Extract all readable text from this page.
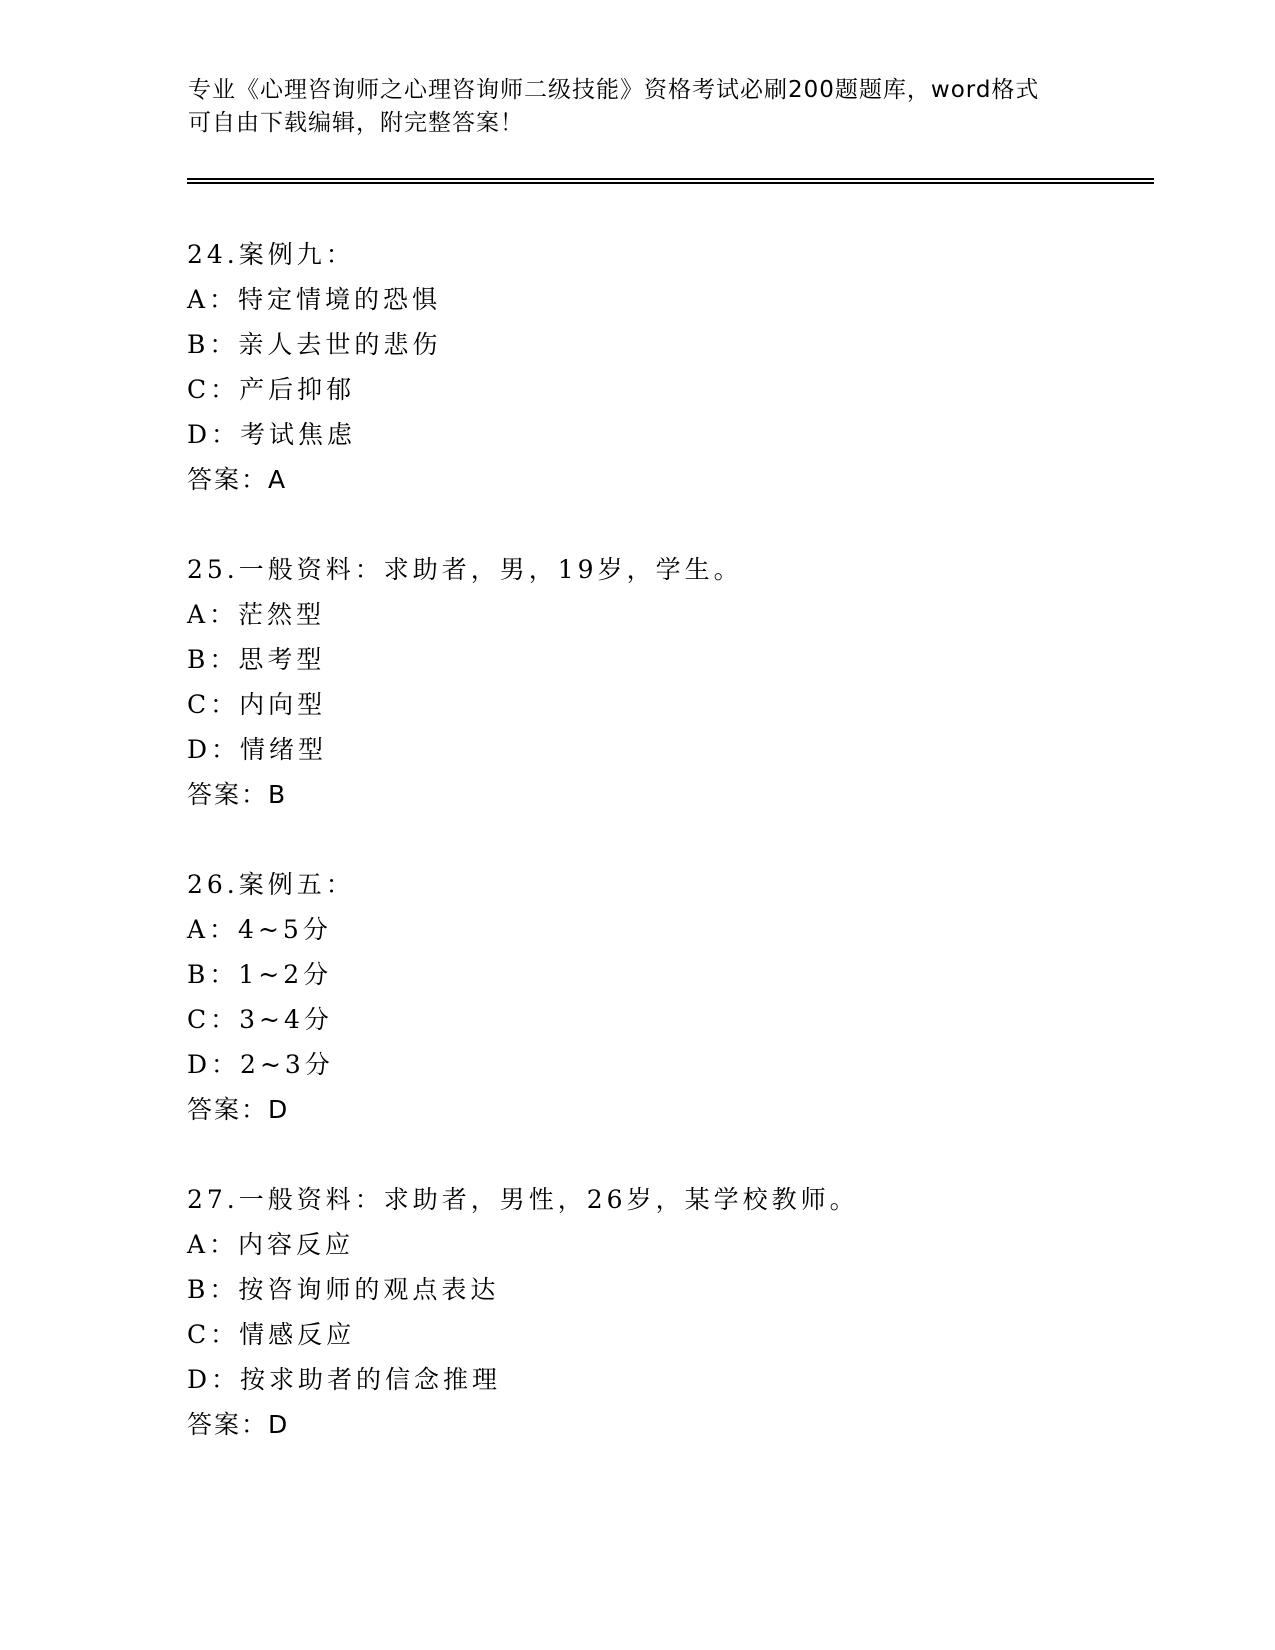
专业《心理咨询师之心理咨询师二级技能》资格考试必刷200题题库，word格式
可自由下载编辑，附完整答案！
24.案例九：
A：特定情境的恐惧
B：亲人去世的悲伤
C：产后抑郁
D：考试焦虑
答案：A
25.一般资料：求助者，男，19岁，学生。
A：茫然型
B：思考型
C：内向型
D：情绪型
答案：B
26.案例五：
A：4~5分
B：1~2分
C：3~4分
D：2~3分
答案：D
27.一般资料：求助者，男性，26岁，某学校教师。
A：内容反应
B：按咨询师的观点表达
C：情感反应
D：按求助者的信念推理
答案：D
